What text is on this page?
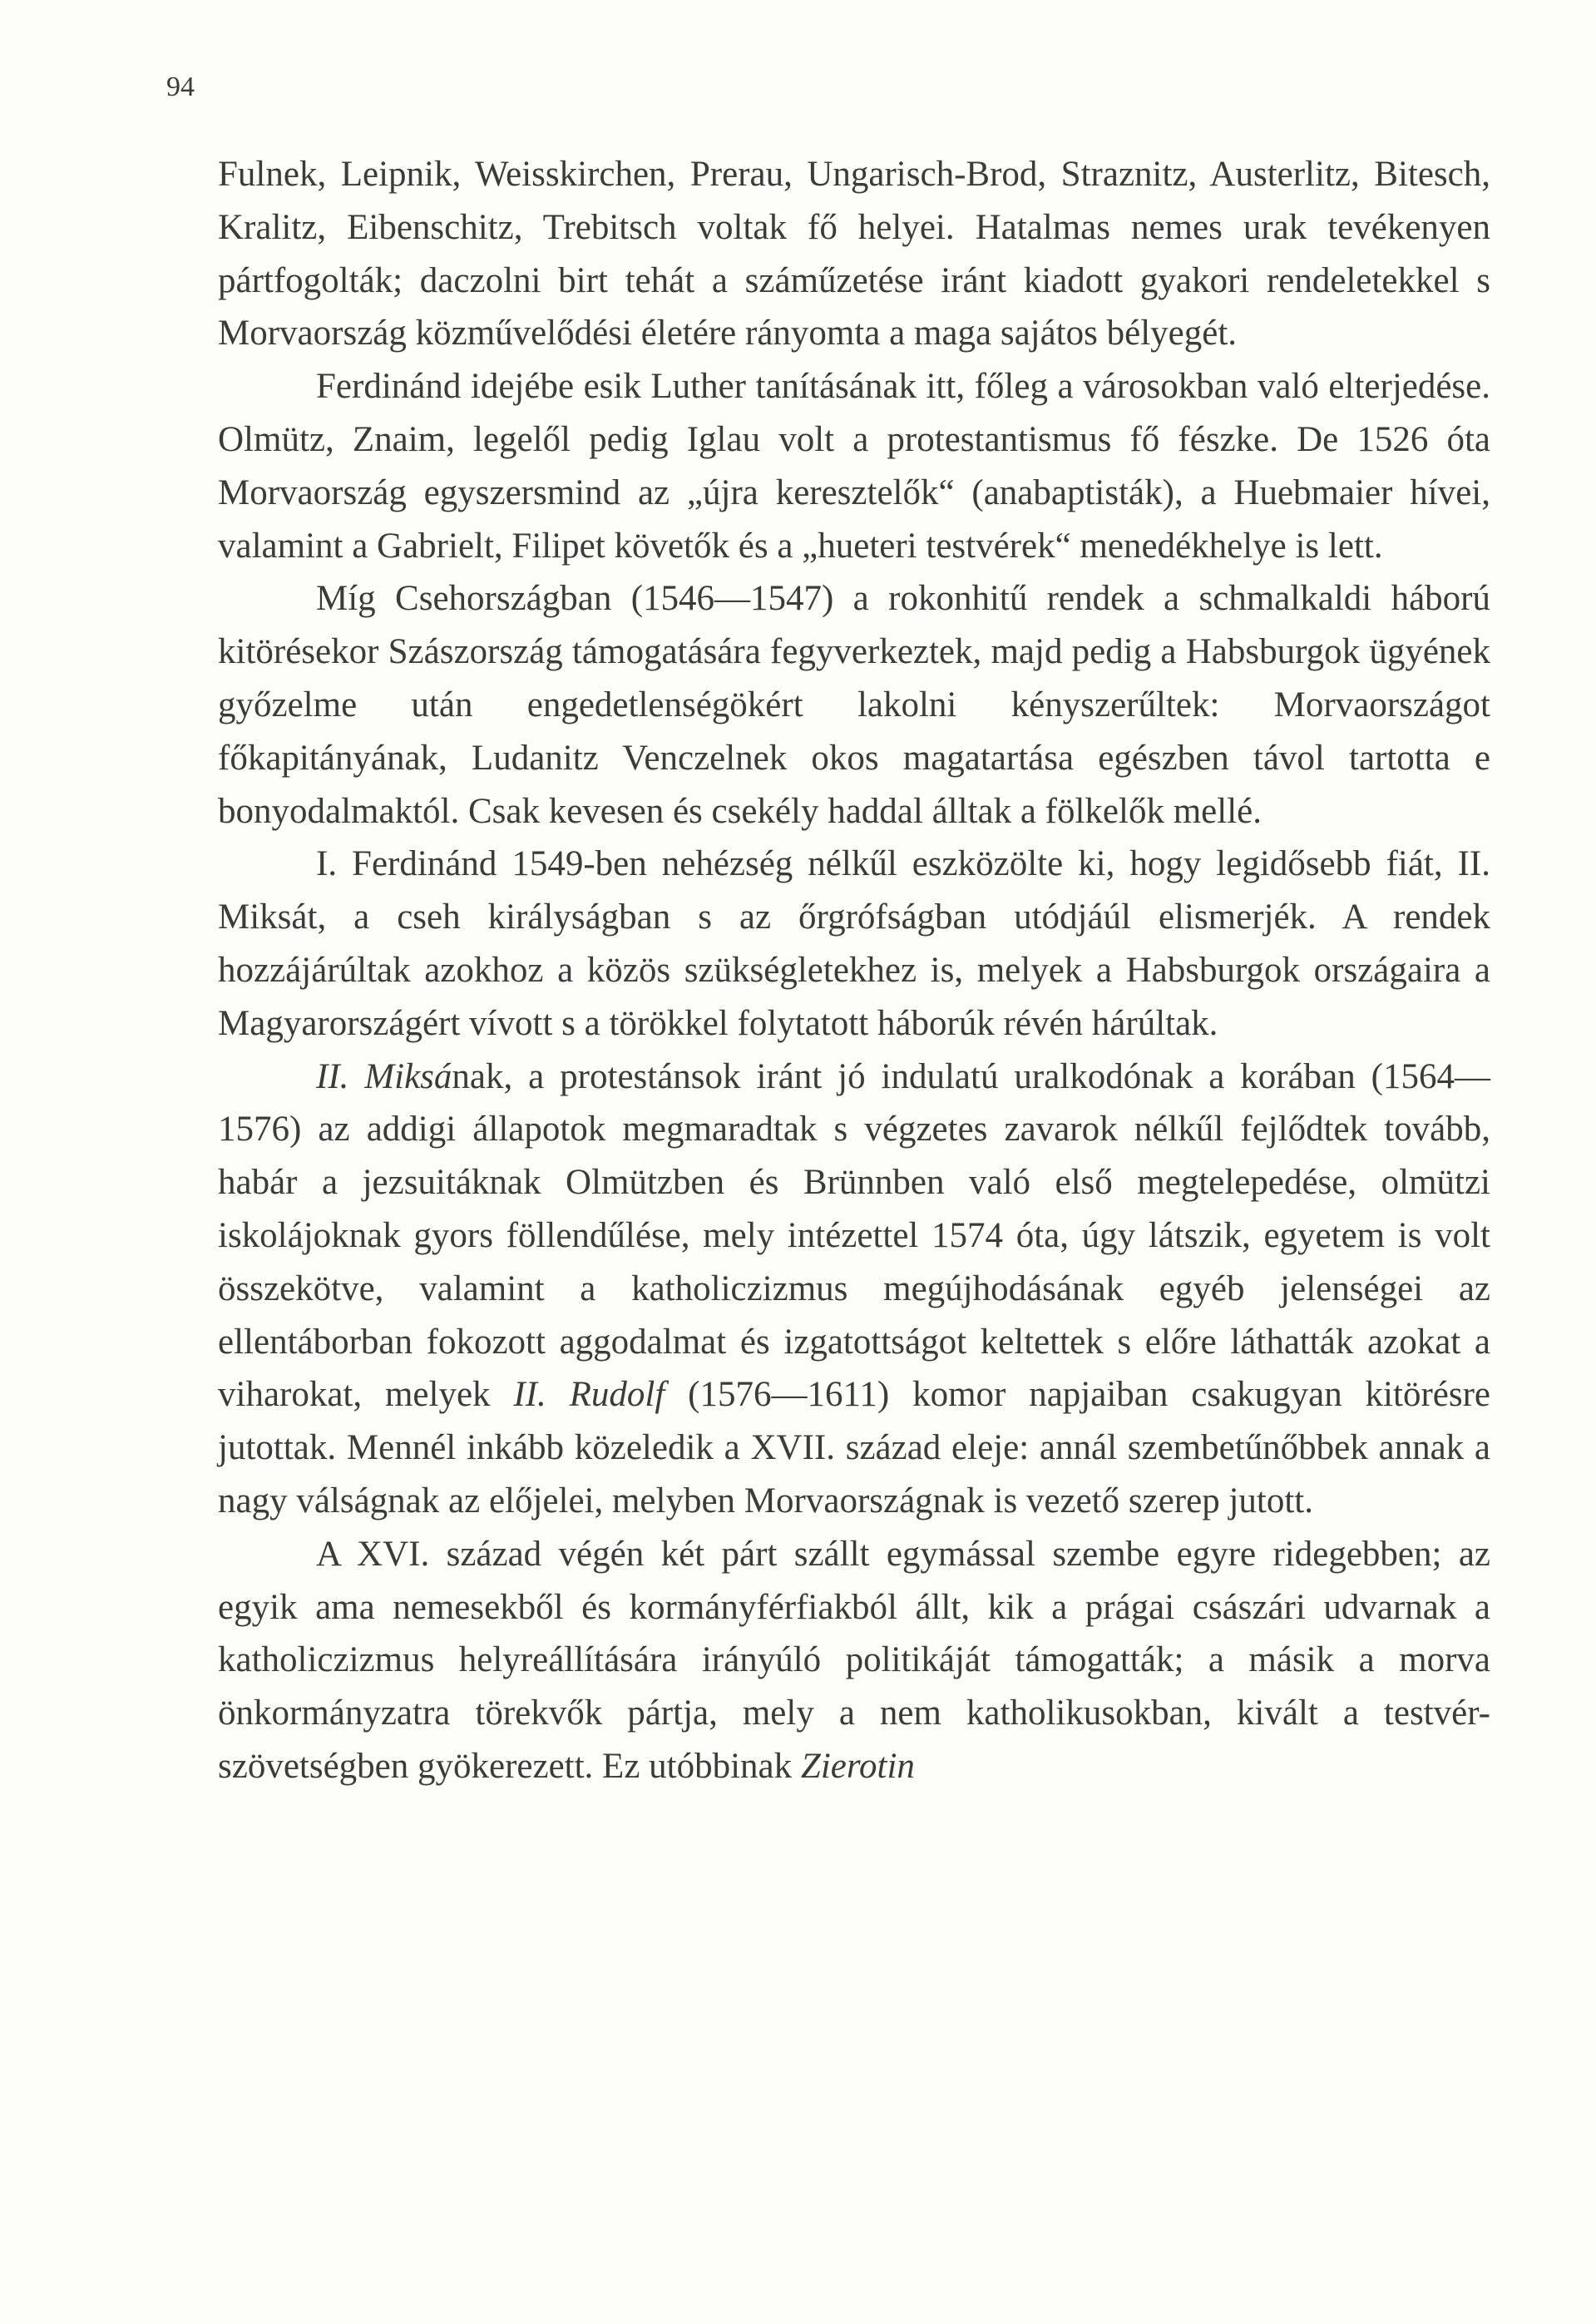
94

Fulnek, Leipnik, Weisskirchen, Prerau, Ungarisch-Brod, Straznitz, Austerlitz, Bitesch, Kralitz, Eibenschitz, Trebitsch voltak fő helyei. Hatalmas nemes urak tevékenyen pártfogolták; daczolni birt tehát a száműzetése iránt kiadott gyakori rendeletekkel s Morvaország közművelődési életére rányomta a maga sajátos bélyegét.

Ferdinánd idejébe esik Luther tanításának itt, főleg a városokban való elterjedése. Olmütz, Znaim, legelől pedig Iglau volt a protestantismus fő fészke. De 1526 óta Morvaország egyszersmind az „újra keresztelők“ (anabaptisták), a Huebmaier hívei, valamint a Gabrielt, Filipet követők és a „hueteri testvérek“ menedékhelye is lett.

Míg Csehországban (1546—1547) a rokonhitű rendek a schmalkaldi háború kitörésekor Szászország támogatására fegyverkeztek, majd pedig a Habsburgok ügyének győzelme után engedetlenségökért lakolni kényszerűltek: Morvaországot főkapitányának, Ludanitz Venczelnek okos magatartása egészben távol tartotta e bonyodalmaktól. Csak kevesen és csekély haddal álltak a fölkelők mellé.

I. Ferdinánd 1549-ben nehézség nélkűl eszközölte ki, hogy legidősebb fiát, II. Miksát, a cseh királyságban s az őrgrófságban utódjáúl elismerjék. A rendek hozzájárúltak azokhoz a közös szükségletekhez is, melyek a Habsburgok országaira a Magyarországért vívott s a törökkel folytatott háborúk révén hárúltak.

II. Miksának, a protestánsok iránt jó indulatú uralkodónak a korában (1564—1576) az addigi állapotok megmaradtak s végzetes zavarok nélkűl fejlődtek tovább, habár a jezsuitáknak Olmützben és Brünnben való első megtelepedése, olmützi iskolájoknak gyors föllendűlése, mely intézettel 1574 óta, úgy látszik, egyetem is volt összekötve, valamint a katholiczizmus megújhodásának egyéb jelenségei az ellentáborban fokozott aggodalmat és izgatottságot keltettek s előre láthatták azokat a viharokat, melyek II. Rudolf (1576—1611) komor napjaiban csakugyan kitörésre jutottak. Mennél inkább közeledik a XVII. század eleje: annál szembetűnőbbek annak a nagy válságnak az előjelei, melyben Morvaországnak is vezető szerep jutott.

A XVI. század végén két párt szállt egymással szembe egyre ridegebben; az egyik ama nemesekből és kormányférfiakból állt, kik a prágai császári udvarnak a katholiczizmus helyreállítására irányúló politikáját támogatták; a másik a morva önkormányzatra törekvők pártja, mely a nem katholikusokban, kivált a testvér-szövetségben gyökerezett. Ez utóbbinak Zierotin
